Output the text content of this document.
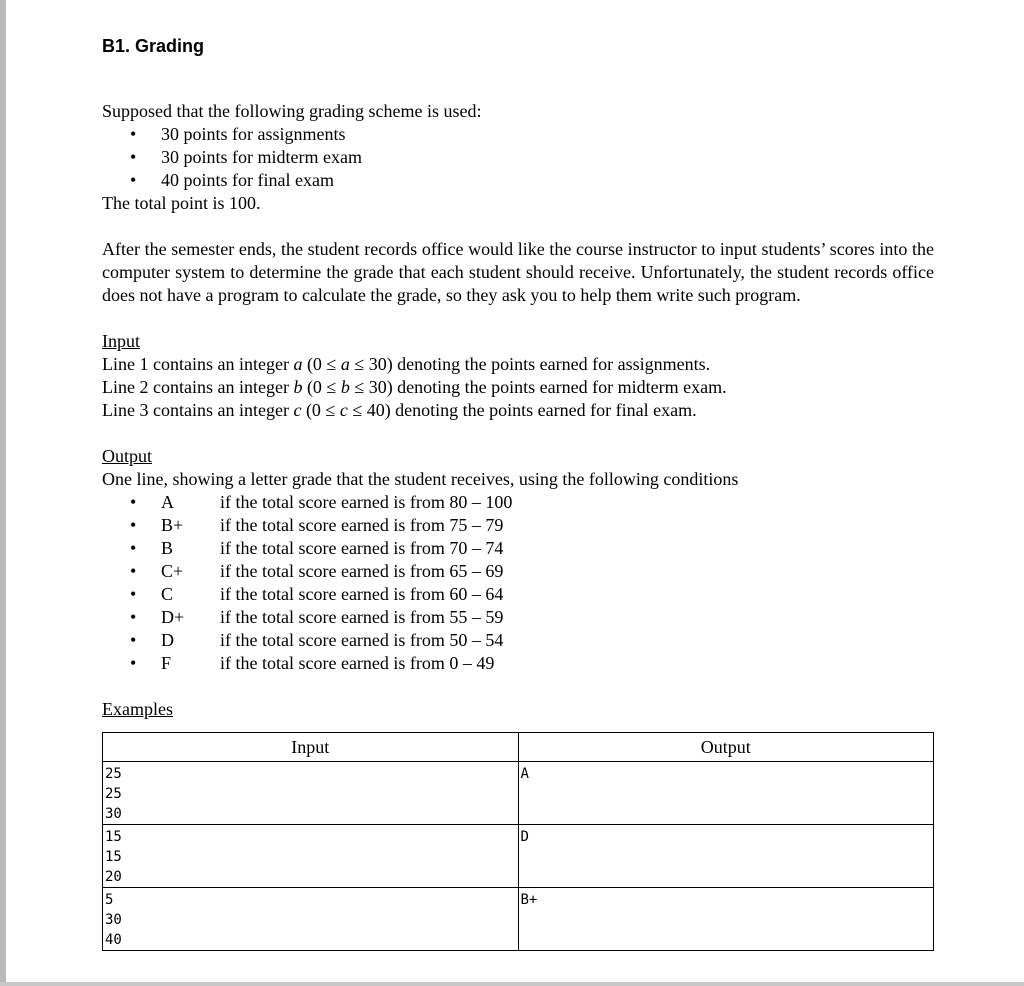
B1. Grading

Supposed that the following grading scheme is used:

• 30 points for assignments
• 30 points for midterm exam
• 40 points for final exam

The total point is 100.

After the semester ends, the student records office would like the course instructor to input students’ scores into the computer system to determine the grade that each student should receive. Unfortunately, the student records office does not have a program to calculate the grade, so they ask you to help them write such program.

Input

Line 1 contains an integer a (0 ≤ a ≤ 30) denoting the points earned for assignments.

Line 2 contains an integer b (0 ≤ b ≤ 30) denoting the points earned for midterm exam.

Line 3 contains an integer c (0 ≤ c ≤ 40) denoting the points earned for final exam.

Output

One line, showing a letter grade that the student receives, using the following conditions

• A	if the total score earned is from 80 – 100
• B+ if the total score earned is from 75 – 79
• B	if the total score earned is from 70 – 74
• C+ if the total score earned is from 65 – 69
• C	if the total score earned is from 60 – 64
• D+ if the total score earned is from 55 – 59
• D	if the total score earned is from 50 – 54
• F	if the total score earned is from 0 – 49

Examples

Input	Output

25
25
30	A

15
15
20	D

5
30
40	B+
